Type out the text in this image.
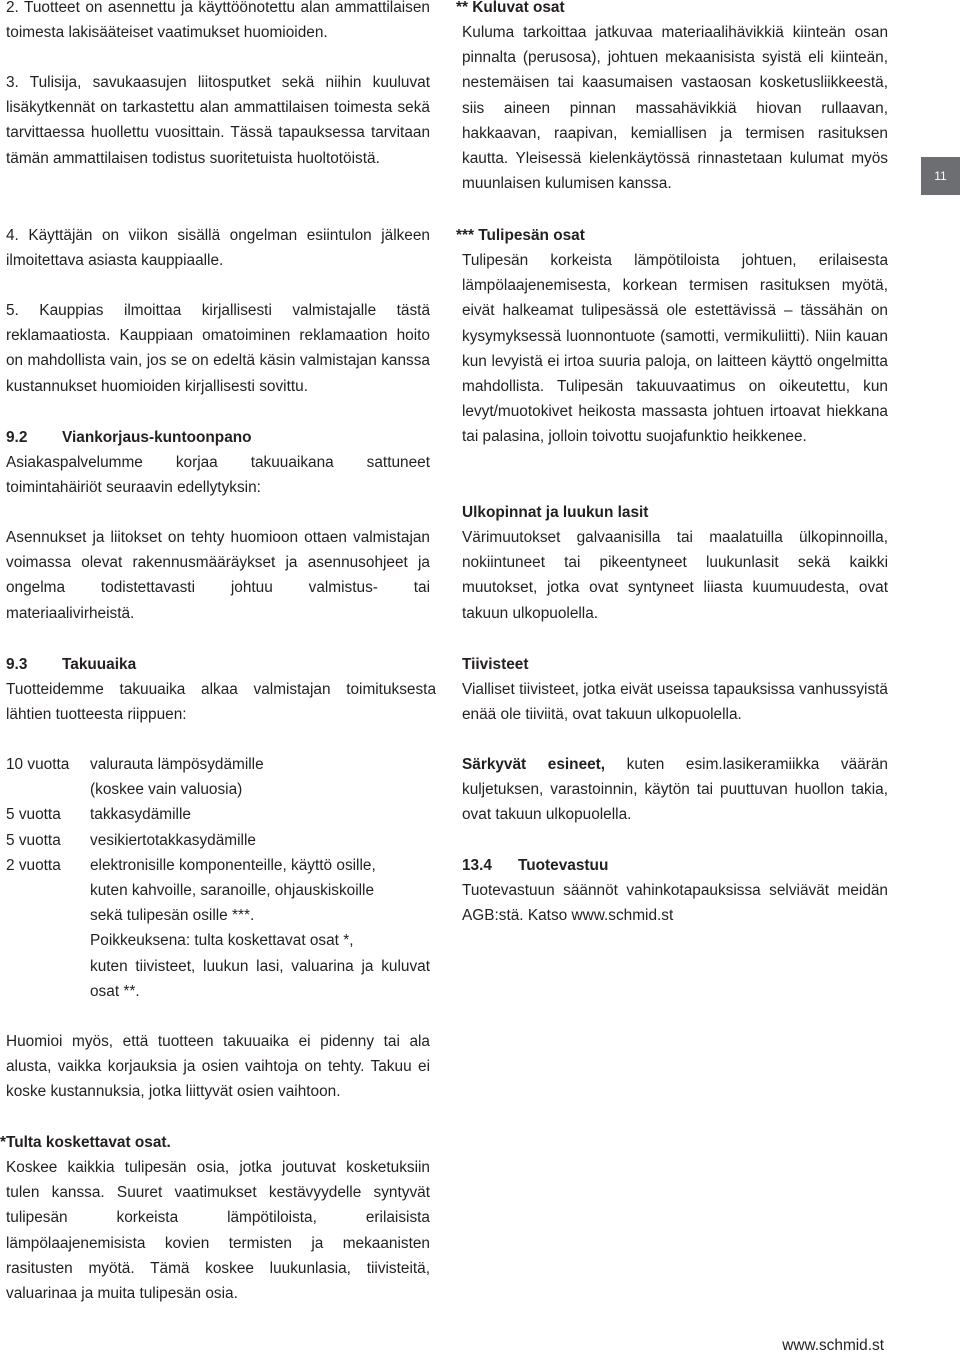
2. Tuotteet on asennettu ja käyttöönotettu alan ammattilaisen toimesta lakisääteiset vaatimukset huomioiden.

3. Tulisija, savukaasujen liitosputket sekä niihin kuuluvat lisäkytkennät on tarkastettu alan ammattilaisen toimesta sekä tarvittaessa huollettu vuosittain. Tässä tapauksessa tarvitaan tämän ammattilaisen todistus suoritetuista huoltotöistä.

4. Käyttäjän on viikon sisällä ongelman esiintulon jälkeen ilmoitettava asiasta kauppiaalle.

5. Kauppias ilmoittaa kirjallisesti valmistajalle tästä reklamaatiosta. Kauppiaan omatoiminen reklamaation hoito on mahdollista vain, jos se on edeltä käsin valmistajan kanssa kustannukset huomioiden kirjallisesti sovittu.

9.2 Viankorjaus-kuntoonpano

Asiakaspalvelumme korjaa takuuaikana sattuneet toimintahäiriöt seuraavin edellytyksin:

Asennukset ja liitokset on tehty huomioon ottaen valmistajan voimassa olevat rakennusmääräykset ja asennusohjeet ja ongelma todistettavasti johtuu valmistus- tai materiaalivirheistä.

9.3 Takuuaika

Tuotteidemme takuuaika alkaa valmistajan toimituksesta lähtien tuotteesta riippuen:

10 vuotta	valurauta lämpösydämille
(koskee vain valuosia)
5 vuotta	takkasydämille
5 vuotta	vesikiertotakkasydämille
2 vuotta	elektronisille komponenteille, käyttö osille,
kuten kahvoille, saranoille, ohjauskiskoille
sekä tulipesän osille ***.
Poikkeuksena: tulta koskettavat osat *,
kuten tiivisteet, luukun lasi, valuarina ja kuluvat osat **.

Huomioi myös, että tuotteen takuuaika ei pidenny tai ala alusta, vaikka korjauksia ja osien vaihtoja on tehty. Takuu ei koske kustannuksia, jotka liittyvät osien vaihtoon.

*Tulta koskettavat osat.

Koskee kaikkia tulipesän osia, jotka joutuvat kosketuksiin tulen kanssa. Suuret vaatimukset kestävyydelle syntyvät tulipesän korkeista lämpötiloista, erilaisista lämpölaajenemisista kovien termisten ja mekaanisten rasitusten myötä. Tämä koskee luukunlasia, tiivisteitä, valuarinaa ja muita tulipesän osia.

** Kuluvat osat

Kuluma tarkoittaa jatkuvaa materiaalihävikkiä kiinteän osan pinnalta (perusosa), johtuen mekaanisista syistä eli kiinteän, nestemäisen tai kaasumaisen vastaosan kosketusliikkeestä, siis aineen pinnan massahävikkiä hiovan rullaavan, hakkaavan, raapivan, kemiallisen ja termisen rasituksen kautta. Yleisessä kielenkäytössä rinnastetaan kulumat myös muunlaisen kulumisen kanssa.

*** Tulipesän osat

Tulipesän korkeista lämpötiloista johtuen, erilaisesta lämpölaajenemisesta, korkean termisen rasituksen myötä, eivät halkeamat tulipesässä ole estettävissä – tässähän on kysymyksessä luonnontuote (samotti, vermikuliitti). Niin kauan kun levyistä ei irtoa suuria paloja, on laitteen käyttö ongelmitta mahdollista. Tulipesän takuuvaatimus on oikeutettu, kun levyt/muotokivet heikosta massasta johtuen irtoavat hiekkana tai palasina, jolloin toivottu suojafunktio heikkenee.

Ulkopinnat ja luukun lasit

Värimuutokset galvaanisilla tai maalatuilla ülkopinnoilla, nokiintuneet tai pikeentyneet luukunlasit sekä kaikki muutokset, jotka ovat syntyneet liiasta kuumuudesta, ovat takuun ulkopuolella.

Tiivisteet

Vialliset tiivisteet, jotka eivät useissa tapauksissa vanhussyistä enää ole tiiviitä, ovat takuun ulkopuolella.

Särkyvät esineet, kuten esim.lasikeramiikka väärän kuljetuksen, varastoinnin, käytön tai puuttuvan huollon takia, ovat takuun ulkopuolella.

13.4 Tuotevastuu

Tuotevastuun säännöt vahinkotapauksissa selviävät meidän AGB:stä. Katso www.schmid.st

11
www.schmid.st
